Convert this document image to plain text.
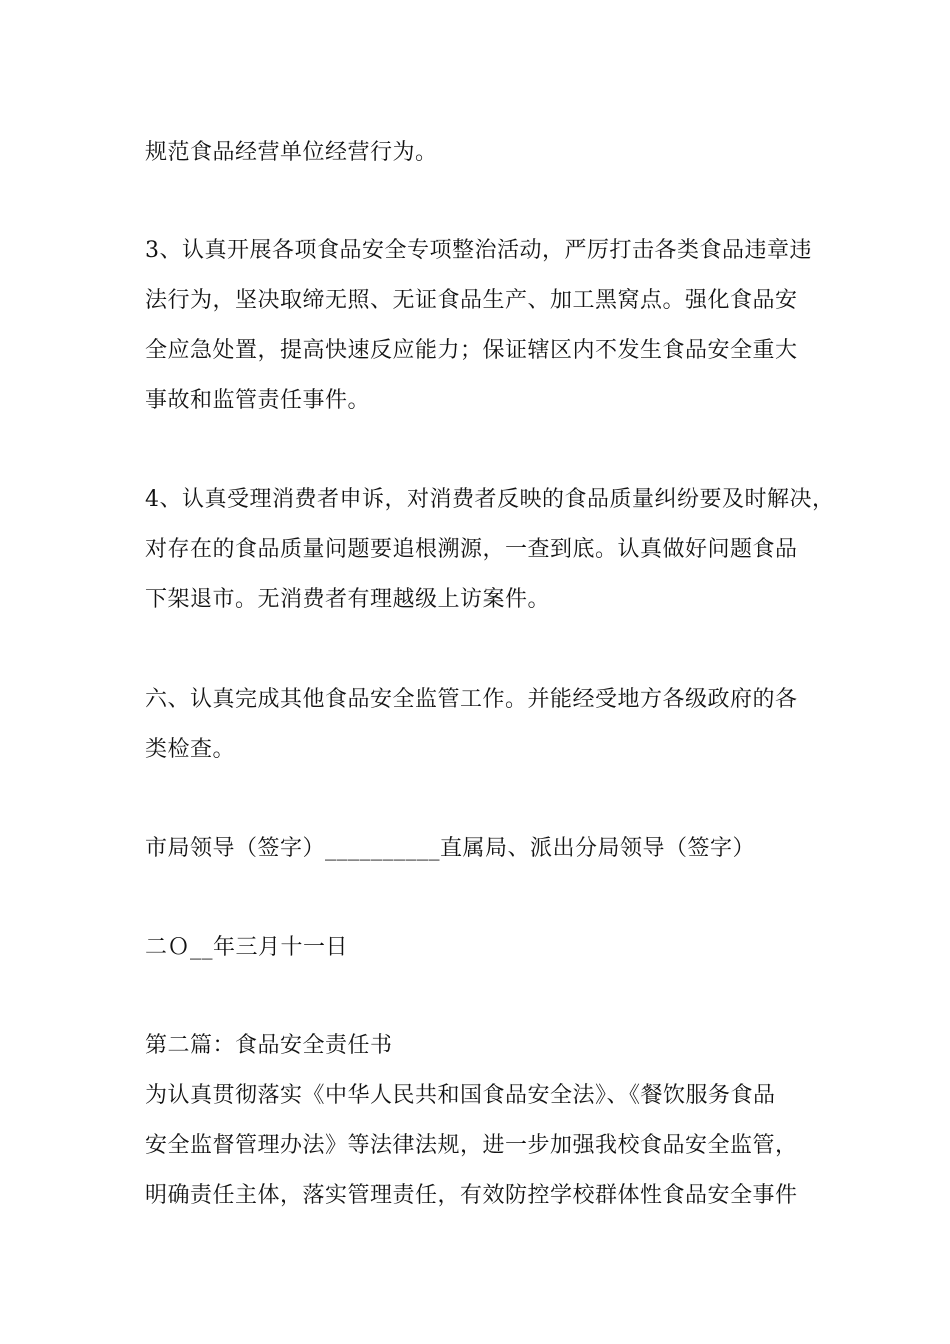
规范食品经营单位经营行为。

3、认真开展各项食品安全专项整治活动，严厉打击各类食品违章违
法行为，坚决取缔无照、无证食品生产、加工黑窝点。强化食品安
全应急处置，提高快速反应能力；保证辖区内不发生食品安全重大
事故和监管责任事件。

4、认真受理消费者申诉，对消费者反映的食品质量纠纷要及时解决，
对存在的食品质量问题要追根溯源，一查到底。认真做好问题食品
下架退市。无消费者有理越级上访案件。

六、认真完成其他食品安全监管工作。并能经受地方各级政府的各
类检查。

市局领导（签字）__________直属局、派出分局领导（签字）

二Ｏ__年三月十一日

第二篇：食品安全责任书

为认真贯彻落实《中华人民共和国食品安全法》、《餐饮服务食品
安全监督管理办法》等法律法规，进一步加强我校食品安全监管，
明确责任主体，落实管理责任，有效防控学校群体性食品安全事件
